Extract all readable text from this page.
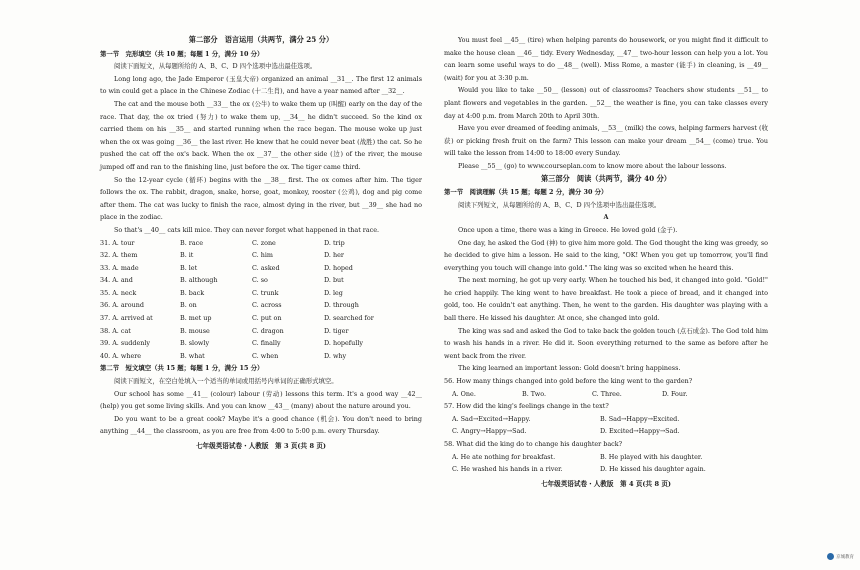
第二部分　语言运用（共两节，满分 25 分）
第一节　完形填空（共 10 题；每题 1 分，满分 10 分）
阅读下面短文，从每题所给的 A、B、C、D 四个选项中选出最佳选项。
Long long ago, the Jade Emperor (玉皇大帝) organized an animal __31__. The first 12 animals to win could get a place in the Chinese Zodiac (十二生肖), and have a year named after __32__.
The cat and the mouse both __33__ the ox (公牛) to wake them up (叫醒) early on the day of the race. That day, the ox tried (努力) to wake them up, __34__ he didn't succeed. So the kind ox carried them on his __35__ and started running when the race began. The mouse woke up just when the ox was going __36__ the last river. He knew that he could never beat (战胜) the cat. So he pushed the cat off the ox's back. When the ox __37__ the other side (边) of the river, the mouse jumped off and ran to the finishing line, just before the ox. The tiger came third.
So the 12-year cycle (循环) begins with the __38__ first. The ox comes after him. The tiger follows the ox. The rabbit, dragon, snake, horse, goat, monkey, rooster (公鸡), dog and pig come after them. The cat was lucky to finish the race, almost dying in the river, but __39__ she had no place in the zodiac.
So that's __40__ cats kill mice. They can never forget what happened in that race.
31. A. tour	B. race	C. zone	D. trip
32. A. them	B. it	C. him	D. her
33. A. made	B. let	C. asked	D. hoped
34. A. and	B. although	C. so	D. but
35. A. neck	B. back	C. trunk	D. leg
36. A. around	B. on	C. across	D. through
37. A. arrived at	B. met up	C. put on	D. searched for
38. A. cat	B. mouse	C. dragon	D. tiger
39. A. suddenly	B. slowly	C. finally	D. hopefully
40. A. where	B. what	C. when	D. why
第二节　短文填空（共 15 题；每题 1 分，满分 15 分）
阅读下面短文，在空白处填入一个适当的单词或用括号内单词的正确形式填空。
Our school has some __41__ (colour) labour (劳动) lessons this term. It's a good way __42__ (help) you get some living skills. And you can know __43__ (many) about the nature around you.
Do you want to be a great cook? Maybe it's a good chance (机会). You don't need to bring anything __44__ the classroom, as you are free from 4:00 to 5:00 p.m. every Thursday.
七年级英语试卷・人教版　第 3 页(共 8 页)
You must feel __45__ (tire) when helping parents do housework, or you might find it difficult to make the house clean __46__ tidy. Every Wednesday, __47__ two-hour lesson can help you a lot. You can learn some useful ways to do __48__ (well). Miss Rome, a master (能手) in cleaning, is __49__ (wait) for you at 3:30 p.m.
Would you like to take __50__ (lesson) out of classrooms? Teachers show students __51__ to plant flowers and vegetables in the garden. __52__ the weather is fine, you can take classes every day at 4:00 p.m. from March 20th to April 30th.
Have you ever dreamed of feeding animals, __53__ (milk) the cows, helping farmers harvest (收获) or picking fresh fruit on the farm? This lesson can make your dream __54__ (come) true. You will take the lesson from 14:00 to 18:00 every Sunday.
Please __55__ (go) to www.courseplan.com to know more about the labour lessons.
第三部分　阅读（共两节，满分 40 分）
第一节　阅读理解（共 15 题；每题 2 分，满分 30 分）
阅读下列短文，从每题所给的 A、B、C、D 四个选项中选出最佳选项。
A
Once upon a time, there was a king in Greece. He loved gold (金子).
One day, he asked the God (神) to give him more gold. The God thought the king was greedy, so he decided to give him a lesson. He said to the king, "OK! When you get up tomorrow, you'll find everything you touch will change into gold." The king was so excited when he heard this.
The next morning, he got up very early. When he touched his bed, it changed into gold. "Gold!" he cried happily. The king went to have breakfast. He took a piece of bread, and it changed into gold, too. He couldn't eat anything. Then, he went to the garden. His daughter was playing with a ball there. He kissed his daughter. At once, she changed into gold.
The king was sad and asked the God to take back the golden touch (点石成金). The God told him to wash his hands in a river. He did it. Soon everything returned to the same as before after he went back from the river.
The king learned an important lesson: Gold doesn't bring happiness.
56. How many things changed into gold before the king went to the garden?
A. One.	B. Two.	C. Three.	D. Four.
57. How did the king's feelings change in the text?
A. Sad→Excited→Happy.	B. Sad→Happy→Excited.
C. Angry→Happy→Sad.	D. Excited→Happy→Sad.
58. What did the king do to change his daughter back?
A. He ate nothing for breakfast.	B. He played with his daughter.
C. He washed his hands in a river.	D. He kissed his daughter again.
七年级英语试卷・人教版　第 4 页(共 8 页)
京城教育
